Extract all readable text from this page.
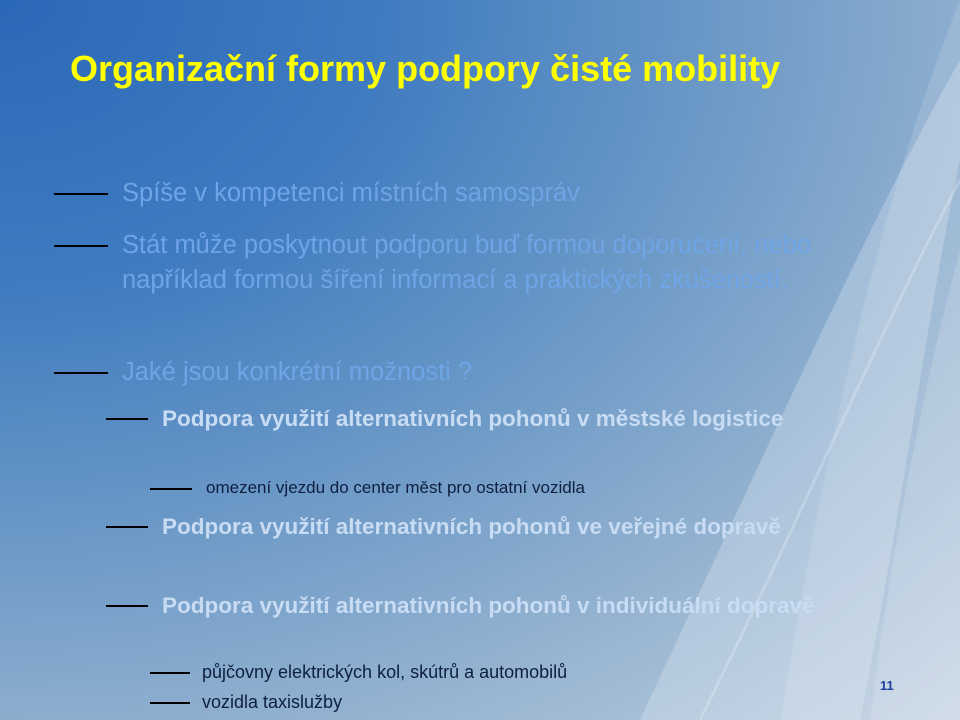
Organizační formy podpory čisté mobility
Spíše v kompetenci místních samospráv
Stát může poskytnout podporu buď formou doporučení, nebo například formou šíření informací a praktických zkušeností.
Jaké jsou konkrétní možnosti ?
Podpora využití alternativních pohonů v městské logistice
omezení vjezdu do center měst pro ostatní vozidla
Podpora využití alternativních pohonů ve veřejné dopravě
Podpora využití alternativních pohonů v individuální dopravě
půjčovny elektrických kol, skútrů a automobilů
vozidla taxislužby
11
